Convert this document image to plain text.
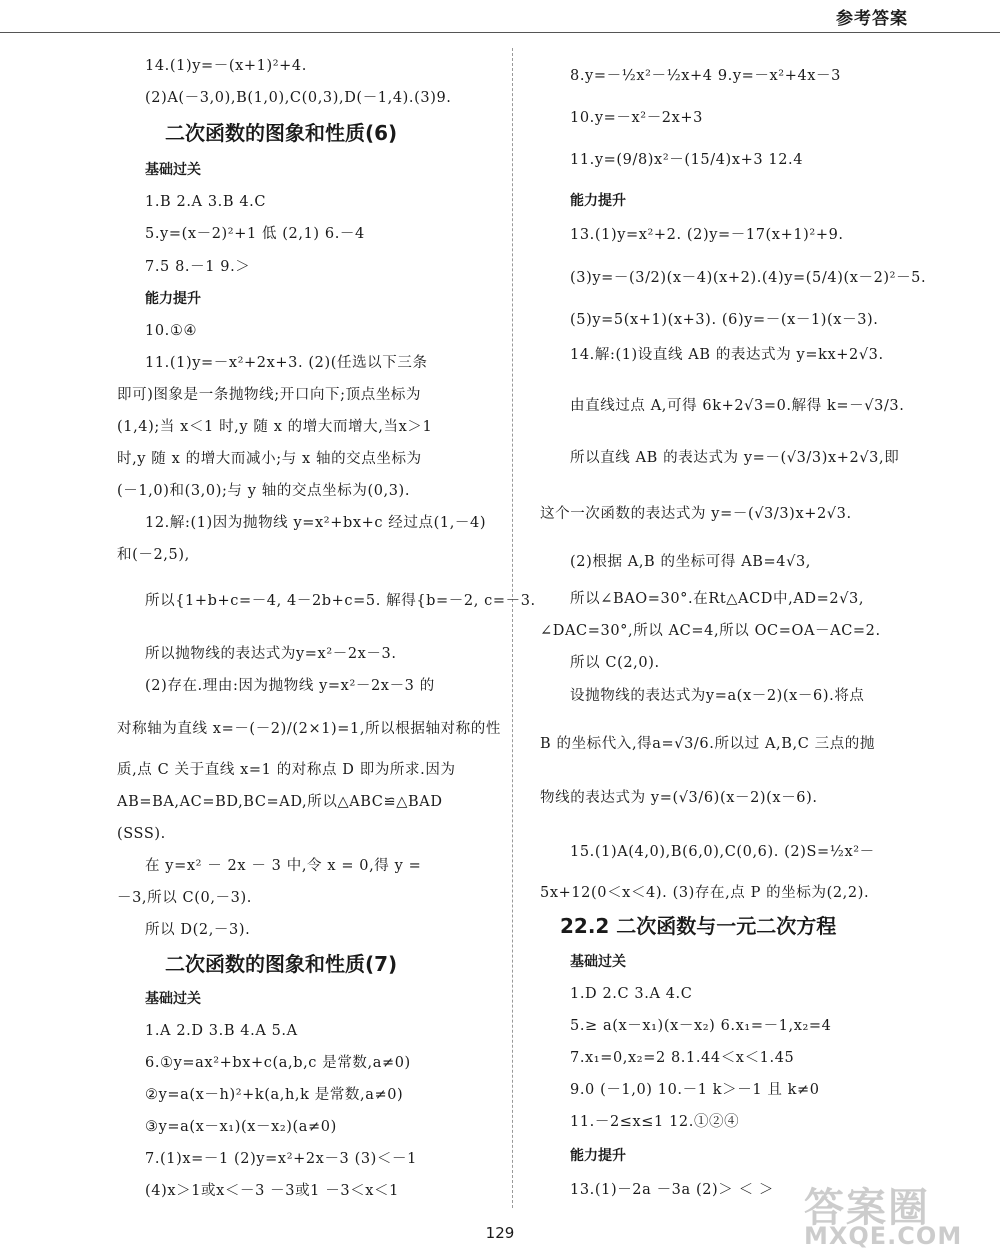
参考答案
14.(1)y=－(x+1)²+4.
(2)A(－3,0),B(1,0),C(0,3),D(－1,4).(3)9.
二次函数的图象和性质(6)
基础过关
1.B 2.A 3.B 4.C
5.y=(x－2)²+1 低 (2,1) 6.－4
7.5 8.－1 9.＞
能力提升
10.①④
11.(1)y=－x²+2x+3. (2)(任选以下三条
即可)图象是一条抛物线;开口向下;顶点坐标为
(1,4);当 x＜1 时,y 随 x 的增大而增大,当x＞1
时,y 随 x 的增大而减小;与 x 轴的交点坐标为
(－1,0)和(3,0);与 y 轴的交点坐标为(0,3).
12.解:(1)因为抛物线 y=x²+bx+c 经过点(1,－4)
和(－2,5),
所以{1+b+c=－4, 4－2b+c=5. 解得{b=－2, c=－3.
所以抛物线的表达式为y=x²－2x－3.
(2)存在.理由:因为抛物线 y=x²－2x－3 的
对称轴为直线 x=－(－2)/(2×1)=1,所以根据轴对称的性
质,点 C 关于直线 x=1 的对称点 D 即为所求.因为
AB=BA,AC=BD,BC=AD,所以△ABC≌△BAD
(SSS).
在 y=x² － 2x － 3 中,令 x = 0,得 y =
－3,所以 C(0,－3).
所以 D(2,－3).
二次函数的图象和性质(7)
基础过关
1.A 2.D 3.B 4.A 5.A
6.①y=ax²+bx+c(a,b,c 是常数,a≠0)
②y=a(x－h)²+k(a,h,k 是常数,a≠0)
③y=a(x－x₁)(x－x₂)(a≠0)
7.(1)x=－1 (2)y=x²+2x－3 (3)＜－1
(4)x＞1或x＜－3 －3或1 －3＜x＜1
8.y=－½x²－½x+4 9.y=－x²+4x－3
10.y=－x²－2x+3
11.y=(9/8)x²－(15/4)x+3 12.4
能力提升
13.(1)y=x²+2. (2)y=－17(x+1)²+9.
(3)y=－(3/2)(x－4)(x+2).(4)y=(5/4)(x－2)²－5.
(5)y=5(x+1)(x+3). (6)y=－(x－1)(x－3).
14.解:(1)设直线 AB 的表达式为 y=kx+2√3.
由直线过点 A,可得 6k+2√3=0.解得 k=－√3/3.
所以直线 AB 的表达式为 y=－(√3/3)x+2√3,即
这个一次函数的表达式为 y=－(√3/3)x+2√3.
(2)根据 A,B 的坐标可得 AB=4√3,
所以∠BAO=30°.在Rt△ACD中,AD=2√3,
∠DAC=30°,所以 AC=4,所以 OC=OA－AC=2.
所以 C(2,0).
设抛物线的表达式为y=a(x－2)(x－6).将点
B 的坐标代入,得a=√3/6.所以过 A,B,C 三点的抛
物线的表达式为 y=(√3/6)(x－2)(x－6).
15.(1)A(4,0),B(6,0),C(0,6). (2)S=½x²－
5x+12(0＜x＜4). (3)存在,点 P 的坐标为(2,2).
22.2 二次函数与一元二次方程
基础过关
1.D 2.C 3.A 4.C
5.≥ a(x－x₁)(x－x₂) 6.x₁=－1,x₂=4
7.x₁=0,x₂=2 8.1.44＜x＜1.45
9.0 (－1,0) 10.－1 k＞－1 且 k≠0
11.－2≤x≤1 12.①②④
能力提升
13.(1)－2a －3a (2)＞ ＜ ＞
129
答案圈
MXQE.COM
